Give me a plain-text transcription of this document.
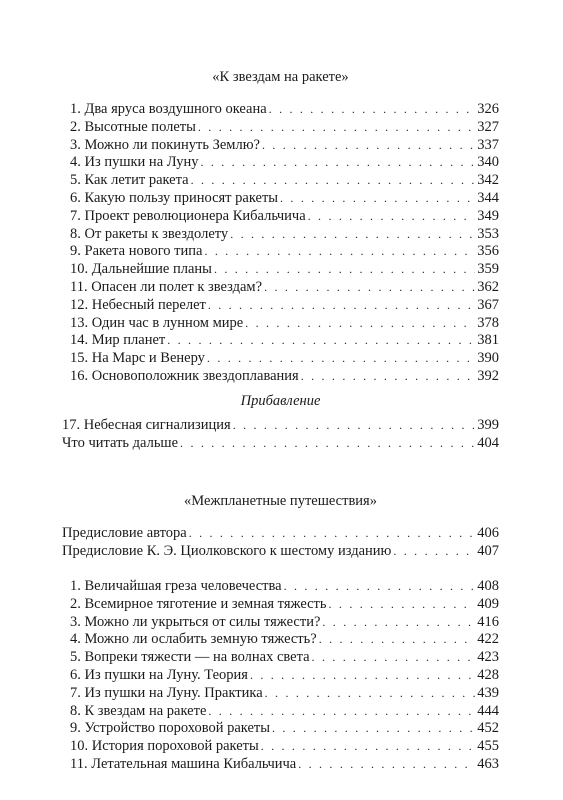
«К звездам на ракете»
1. Два яруса воздушного океана . . .	326
2. Высотные полеты . . .	327
3. Можно ли покинуть Землю? . . .	337
4. Из пушки на Луну . . .	340
5. Как летит ракета . . .	342
6. Какую пользу приносят ракеты . . .	344
7. Проект революционера Кибальчича . . .	349
8. От ракеты к звездолету . . .	353
9. Ракета нового типа . . .	356
10. Дальнейшие планы . . .	359
11. Опасен ли полет к звездам? . . .	362
12. Небесный перелет . . .	367
13. Один час в лунном мире . . .	378
14. Мир планет . . .	381
15. На Марс и Венеру . . .	390
16. Основоположник звездоплавания . . .	392
Прибавление
17. Небесная сигнализиция . . .	399
Что читать дальше . . .	404
«Межпланетные путешествия»
Предисловие автора . . .	406
Предисловие К. Э. Циолковского к шестому изданию . . .	407
1. Величайшая греза человечества . . .	408
2. Всемирное тяготение и земная тяжесть . . .	409
3. Можно ли укрыться от силы тяжести? . . .	416
4. Можно ли ослабить земную тяжесть? . . .	422
5. Вопреки тяжести — на волнах света . . .	423
6. Из пушки на Луну. Теория . . .	428
7. Из пушки на Луну. Практика . . .	439
8. К звездам на ракете . . .	444
9. Устройство пороховой ракеты . . .	452
10. История пороховой ракеты . . .	455
11. Летательная машина Кибальчича . . .	463
